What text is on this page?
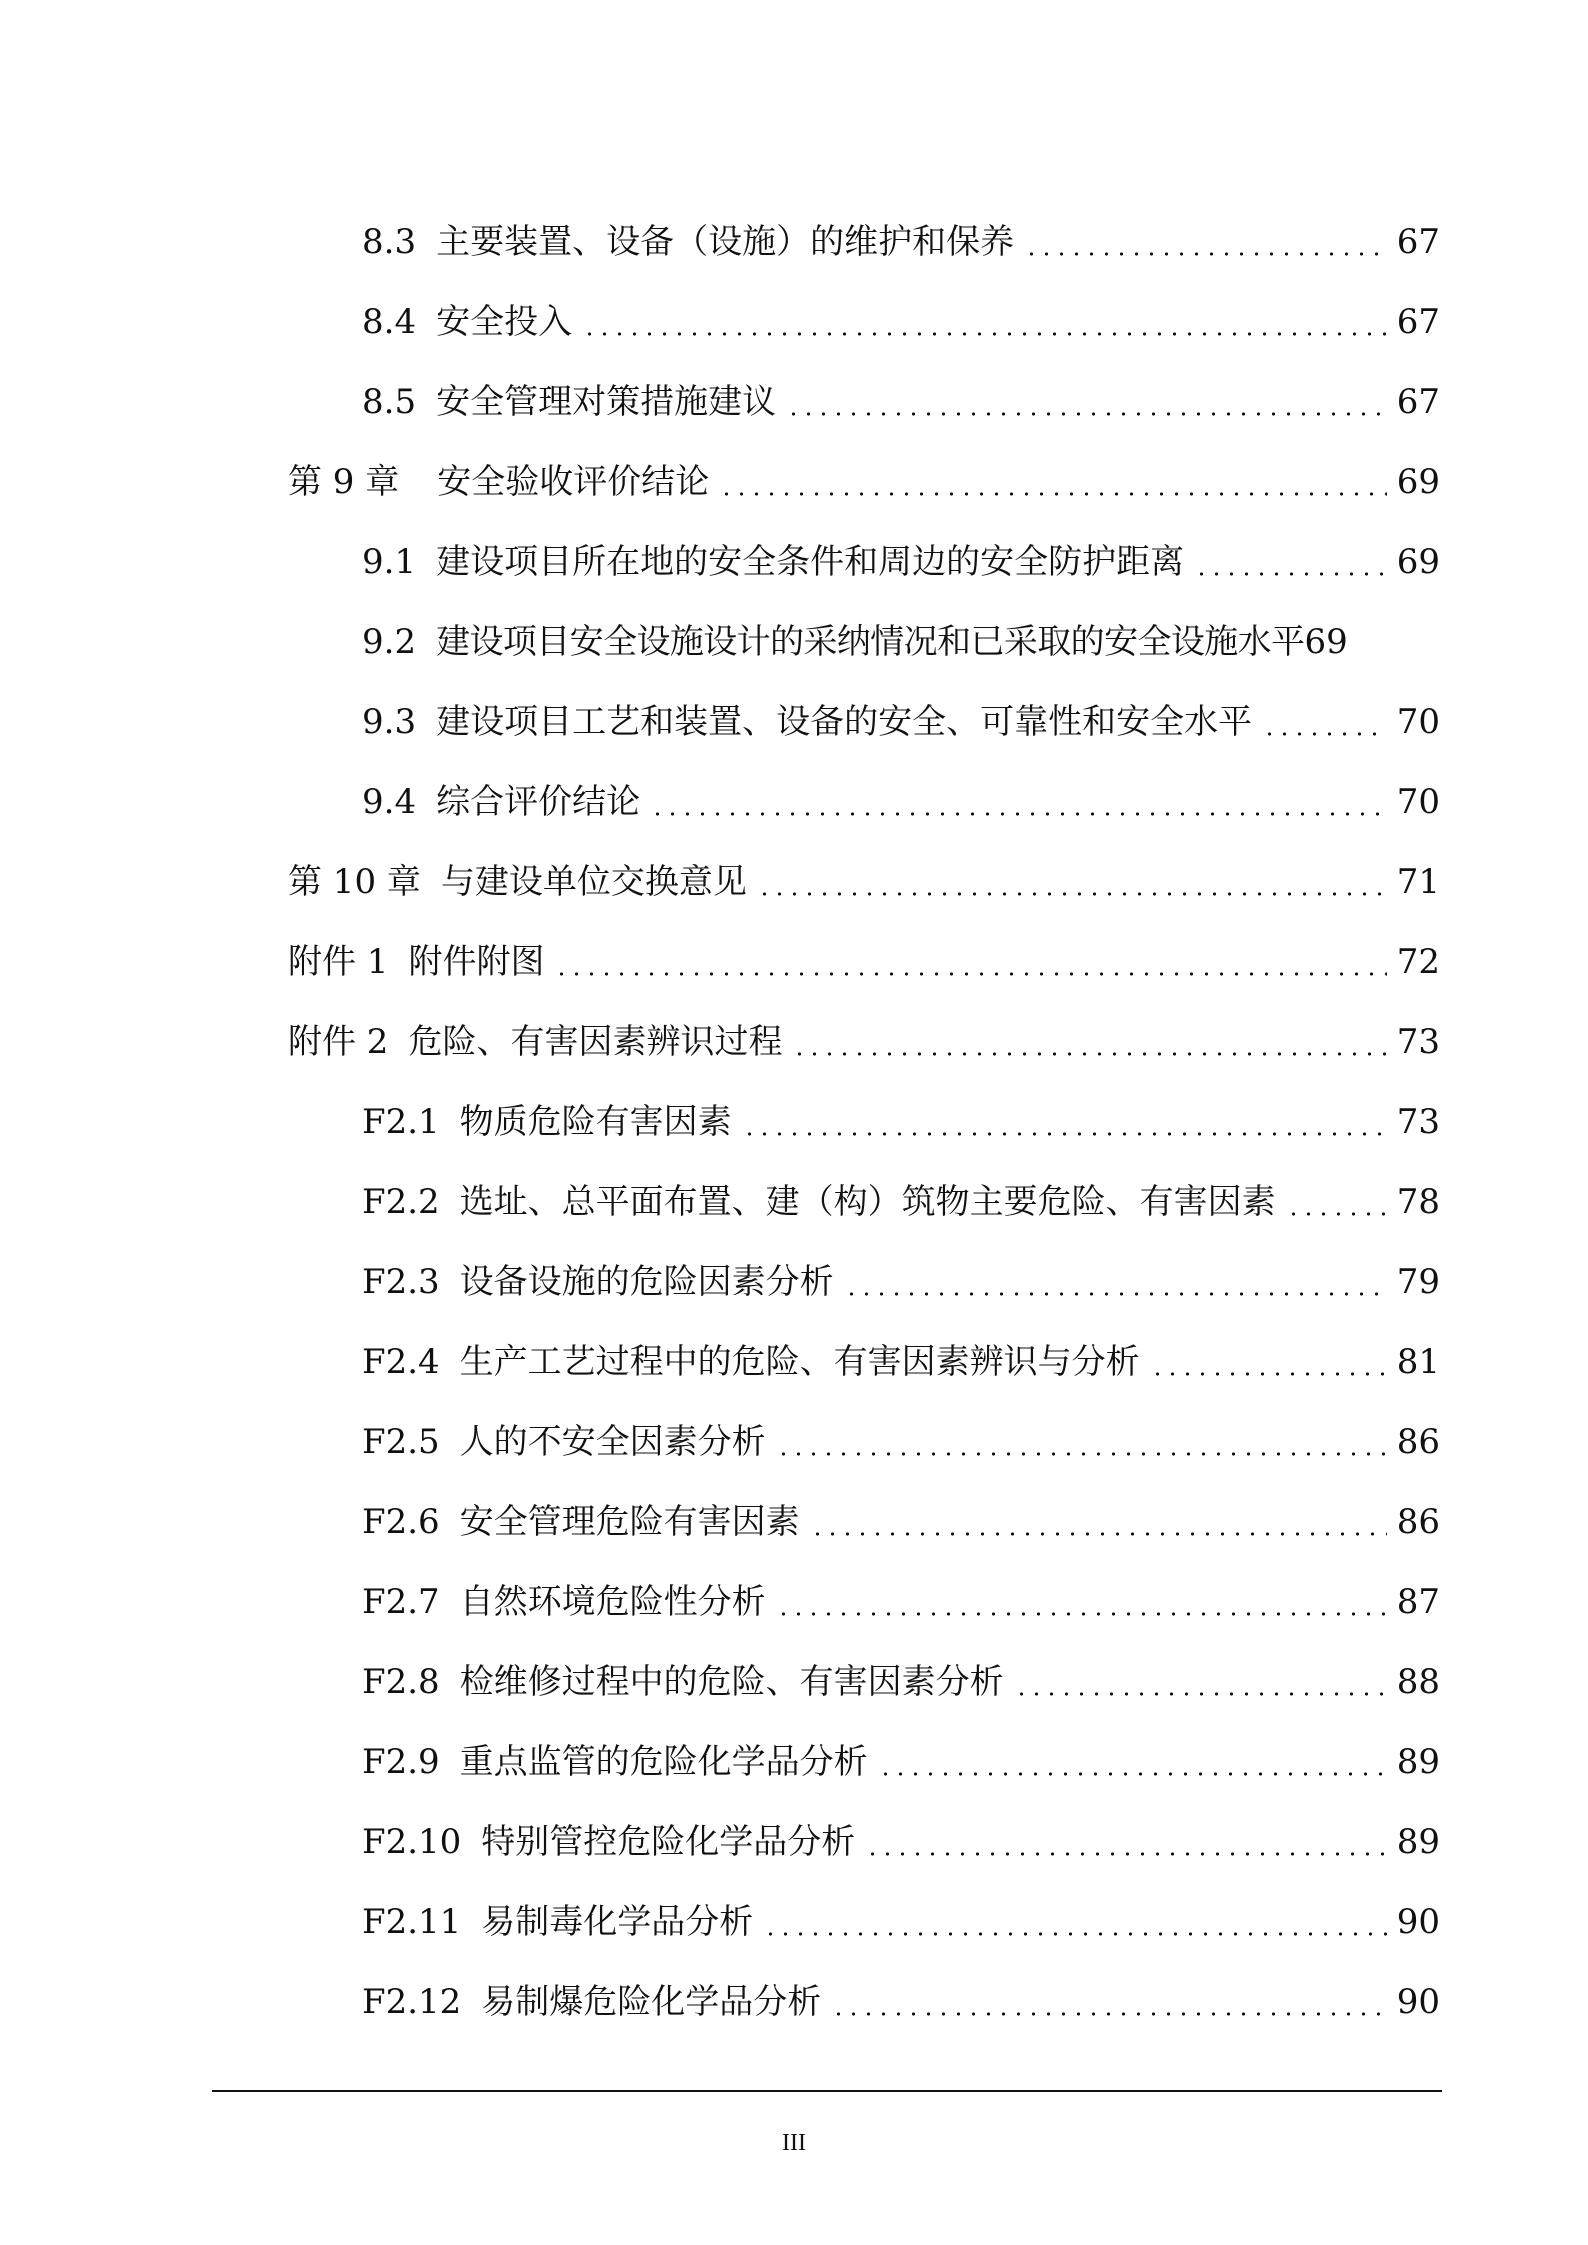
8.3 主要装置、设备（设施）的维护和保养	67
8.4 安全投入	67
8.5 安全管理对策措施建议	67
第 9 章 安全验收评价结论	69
9.1 建设项目所在地的安全条件和周边的安全防护距离	69
9.2 建设项目安全设施设计的采纳情况和已采取的安全设施水平 69
9.3 建设项目工艺和装置、设备的安全、可靠性和安全水平	70
9.4 综合评价结论	70
第 10 章 与建设单位交换意见	71
附件 1 附件附图	72
附件 2 危险、有害因素辨识过程	73
F2.1 物质危险有害因素	73
F2.2 选址、总平面布置、建（构）筑物主要危险、有害因素	78
F2.3 设备设施的危险因素分析	79
F2.4 生产工艺过程中的危险、有害因素辨识与分析	81
F2.5 人的不安全因素分析	86
F2.6 安全管理危险有害因素	86
F2.7 自然环境危险性分析	87
F2.8 检维修过程中的危险、有害因素分析	88
F2.9 重点监管的危险化学品分析	89
F2.10 特别管控危险化学品分析	89
F2.11 易制毒化学品分析	90
F2.12 易制爆危险化学品分析	90
III
